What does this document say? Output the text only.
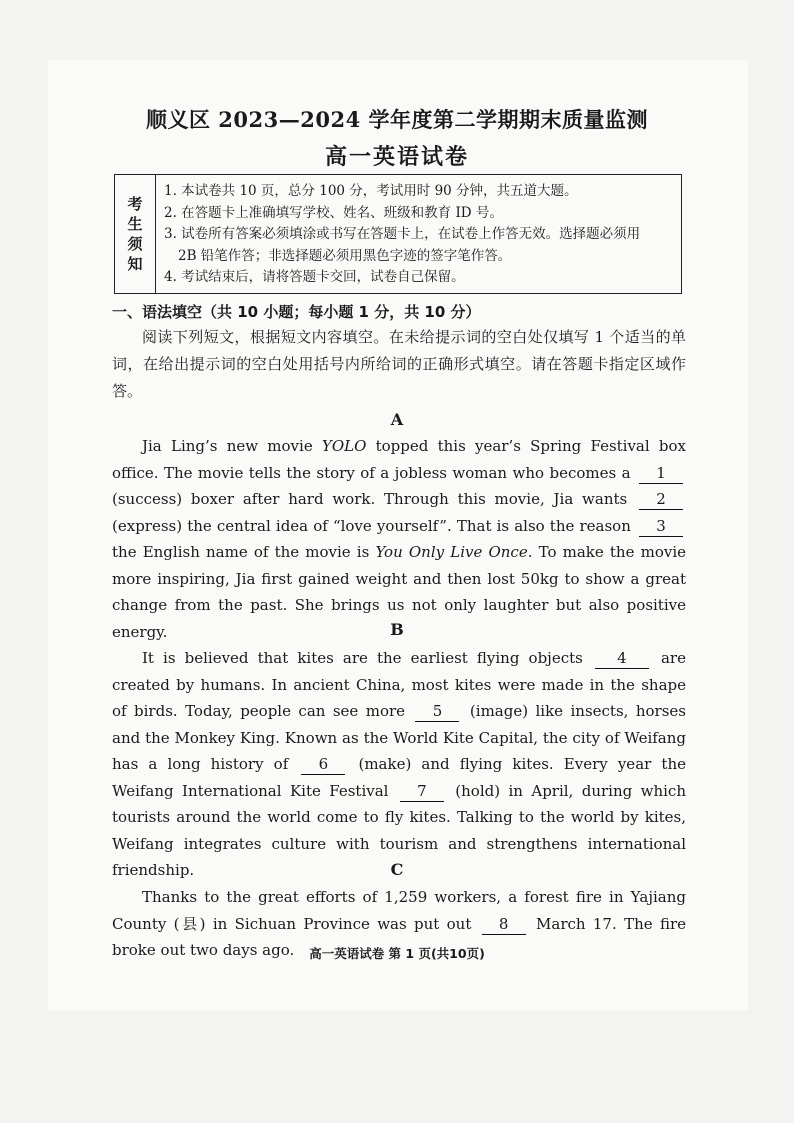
顺义区 2023—2024 学年度第二学期期末质量监测
高一英语试卷
考
生
须
知
1. 本试卷共 10 页，总分 100 分，考试用时 90 分钟，共五道大题。
2. 在答题卡上准确填写学校、姓名、班级和教育 ID 号。
3. 试卷所有答案必须填涂或书写在答题卡上，在试卷上作答无效。选择题必须用
2B 铅笔作答；非选择题必须用黑色字迹的签字笔作答。
4. 考试结束后，请将答题卡交回，试卷自己保留。
一、语法填空（共 10 小题；每小题 1 分，共 10 分）
阅读下列短文，根据短文内容填空。在未给提示词的空白处仅填写 1 个适当的单词，在给出提示词的空白处用括号内所给词的正确形式填空。请在答题卡指定区域作答。
A
Jia Ling’s new movie YOLO topped this year’s Spring Festival box office. The movie tells the story of a jobless woman who becomes a 1 (success) boxer after hard work. Through this movie, Jia wants 2 (express) the central idea of “love yourself”. That is also the reason 3 the English name of the movie is You Only Live Once. To make the movie more inspiring, Jia first gained weight and then lost 50kg to show a great change from the past. She brings us not only laughter but also positive energy.	B
It is believed that kites are the earliest flying objects 4 are created by humans. In ancient China, most kites were made in the shape of birds. Today, people can see more 5 (image) like insects, horses and the Monkey King. Known as the World Kite Capital, the city of Weifang has a long history of 6 (make) and flying kites. Every year the Weifang International Kite Festival 7 (hold) in April, during which tourists around the world come to fly kites. Talking to the world by kites, Weifang integrates culture with tourism and strengthens international friendship.	C
Thanks to the great efforts of 1,259 workers, a forest fire in Yajiang County (县) in Sichuan Province was put out 8 March 17. The fire broke out two days ago.	高一英语试卷 第 1 页(共10页)
